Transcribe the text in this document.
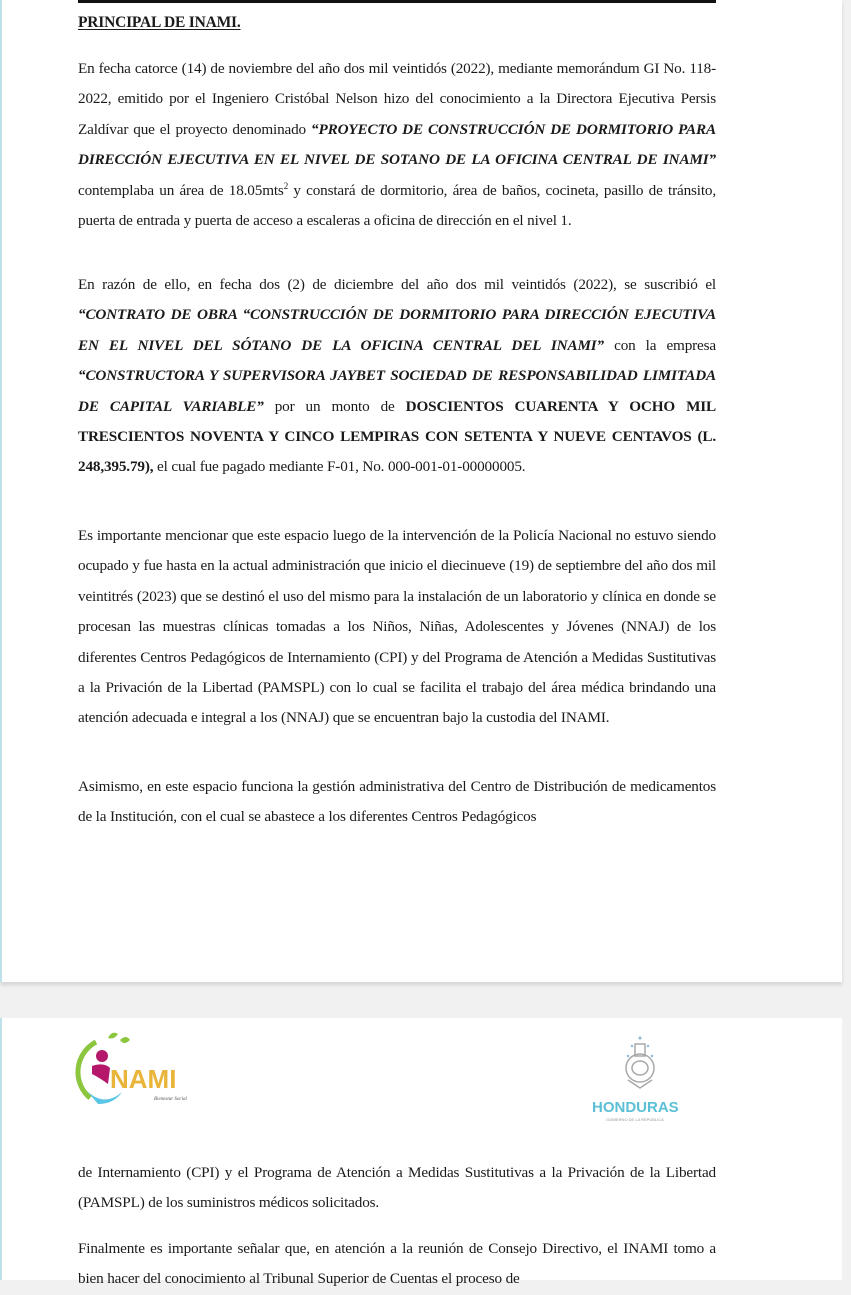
PRINCIPAL DE INAMI.
En fecha catorce (14) de noviembre del año dos mil veintidós (2022), mediante memorándum GI No. 118-2022, emitido por el Ingeniero Cristóbal Nelson hizo del conocimiento a la Directora Ejecutiva Persis Zaldívar que el proyecto denominado “PROYECTO DE CONSTRUCCIÓN DE DORMITORIO PARA DIRECCIÓN EJECUTIVA EN EL NIVEL DE SOTANO DE LA OFICINA CENTRAL DE INAMI” contemplaba un área de 18.05mts$^2$ y constará de dormitorio, área de baños, cocineta, pasillo de tránsito, puerta de entrada y puerta de acceso a escaleras a oficina de dirección en el nivel 1.
En razón de ello, en fecha dos (2) de diciembre del año dos mil veintidós (2022), se suscribió el “CONTRATO DE OBRA “CONSTRUCCIÓN DE DORMITORIO PARA DIRECCIÓN EJECUTIVA EN EL NIVEL DEL SÓTANO DE LA OFICINA CENTRAL DEL INAMI” con la empresa “CONSTRUCTORA Y SUPERVISORA JAYBET SOCIEDAD DE RESPONSABILIDAD LIMITADA DE CAPITAL VARIABLE” por un monto de DOSCIENTOS CUARENTA Y OCHO MIL TRESCIENTOS NOVENTA Y CINCO LEMPIRAS CON SETENTA Y NUEVE CENTAVOS (L. 248,395.79), el cual fue pagado mediante F-01, No. 000-001-01-00000005.
Es importante mencionar que este espacio luego de la intervención de la Policía Nacional no estuvo siendo ocupado y fue hasta en la actual administración que inicio el diecinueve (19) de septiembre del año dos mil veintitrés (2023) que se destinó el uso del mismo para la instalación de un laboratorio y clínica en donde se procesan las muestras clínicas tomadas a los Niños, Niñas, Adolescentes y Jóvenes (NNAJ) de los diferentes Centros Pedagógicos de Internamiento (CPI) y del Programa de Atención a Medidas Sustitutivas a la Privación de la Libertad (PAMSPL) con lo cual se facilita el trabajo del área médica brindando una atención adecuada e integral a los (NNAJ) que se encuentran bajo la custodia del INAMI.
Asimismo, en este espacio funciona la gestión administrativa del Centro de Distribución de medicamentos de la Institución, con el cual se abastece a los diferentes Centros Pedagógicos
NAMI
Bienestar Social	HONDURAS
GOBIERNO DE LA REPÚBLICA
de Internamiento (CPI) y el Programa de Atención a Medidas Sustitutivas a la Privación de la Libertad (PAMSPL) de los suministros médicos solicitados.
Finalmente es importante señalar que, en atención a la reunión de Consejo Directivo, el INAMI tomo a bien hacer del conocimiento al Tribunal Superior de Cuentas el proceso de
